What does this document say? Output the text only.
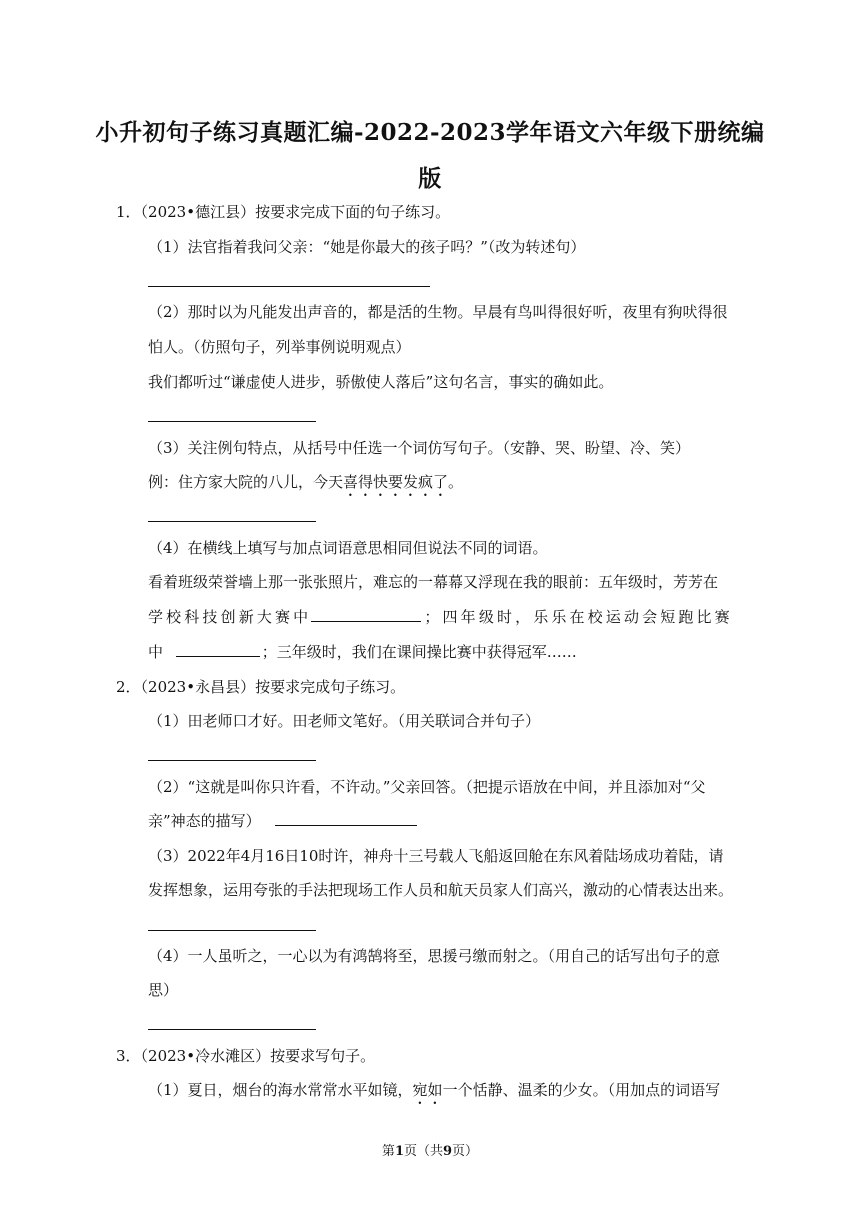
小升初句子练习真题汇编-2022-2023学年语文六年级下册统编
版
1．（2023•德江县）按要求完成下面的句子练习。
（1）法官指着我问父亲：“她是你最大的孩子吗？”（改为转述句）
（2）那时以为凡能发出声音的，都是活的生物。早晨有鸟叫得很好听，夜里有狗吠得很
怕人。（仿照句子，列举事例说明观点）
我们都听过“谦虚使人进步，骄傲使人落后”这句名言，事实的确如此。
（3）关注例句特点，从括号中任选一个词仿写句子。（安静、哭、盼望、冷、笑）
例：住方家大院的八儿，今天喜得快要发疯了。
（4）在横线上填写与加点词语意思相同但说法不同的词语。
看着班级荣誉墙上那一张张照片，难忘的一幕幕又浮现在我的眼前：五年级时，芳芳在
学 校 科 技 创 新 大 赛 中	； 四 年 级 时 ， 乐 乐 在 校 运 动 会 短 跑 比 赛
中	；三年级时，我们在课间操比赛中获得冠军……
2．（2023•永昌县）按要求完成句子练习。
（1）田老师口才好。田老师文笔好。（用关联词合并句子）
（2）“这就是叫你只许看，不许动。”父亲回答。（把提示语放在中间，并且添加对“父
亲”神态的描写）
（3）2022年4月16日10时许，神舟十三号载人飞船返回舱在东风着陆场成功着陆，请
发挥想象，运用夸张的手法把现场工作人员和航天员家人们高兴，激动的心情表达出来。
（4）一人虽听之，一心以为有鸿鹄将至，思援弓缴而射之。（用自己的话写出句子的意
思）
3．（2023•冷水滩区）按要求写句子。
（1）夏日，烟台的海水常常水平如镜，宛如一个恬静、温柔的少女。（用加点的词语写
第1页（共9页）
